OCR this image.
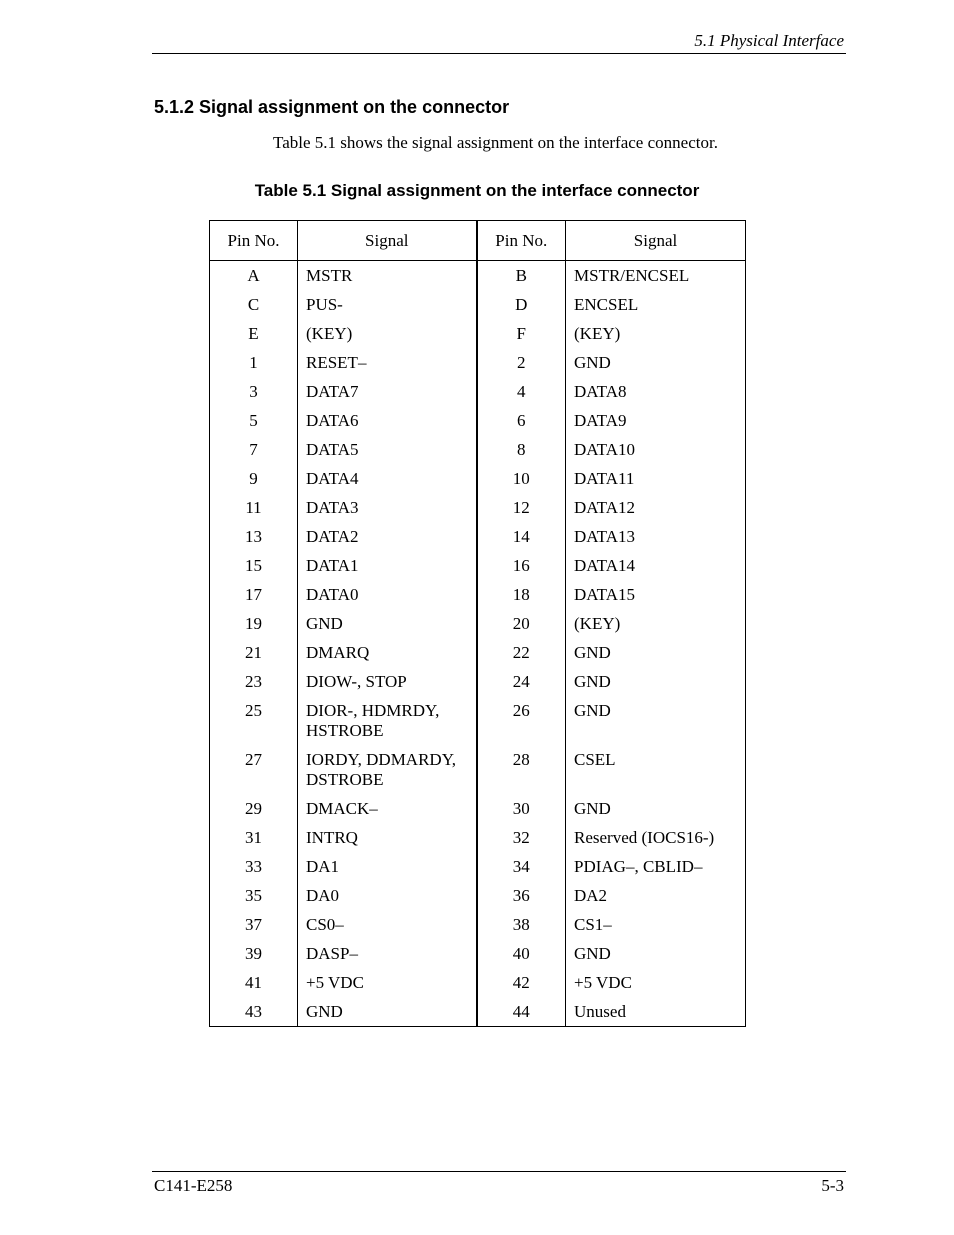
5.1 Physical Interface
5.1.2 Signal assignment on the connector
Table 5.1 shows the signal assignment on the interface connector.
Table 5.1 Signal assignment on the interface connector
Pin No.	Signal	Pin No.	Signal
A	MSTR	B	MSTR/ENCSEL
C	PUS-	D	ENCSEL
E	(KEY)	F	(KEY)
1	RESET–	2	GND
3	DATA7	4	DATA8
5	DATA6	6	DATA9
7	DATA5	8	DATA10
9	DATA4	10	DATA11
11	DATA3	12	DATA12
13	DATA2	14	DATA13
15	DATA1	16	DATA14
17	DATA0	18	DATA15
19	GND	20	(KEY)
21	DMARQ	22	GND
23	DIOW-, STOP	24	GND
25	DIOR-, HDMRDY, HSTROBE	26	GND
27	IORDY, DDMARDY, DSTROBE	28	CSEL
29	DMACK–	30	GND
31	INTRQ	32	Reserved (IOCS16-)
33	DA1	34	PDIAG–, CBLID–
35	DA0	36	DA2
37	CS0–	38	CS1–
39	DASP–	40	GND
41	+5 VDC	42	+5 VDC
43	GND	44	Unused
C141-E258	5-3
